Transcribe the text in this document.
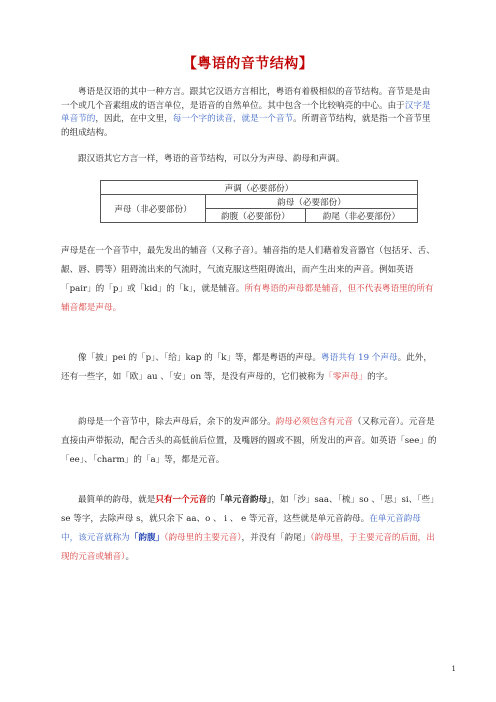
【粤语的音节结构】
粤语是汉语的其中一种方言。跟其它汉语方言相比，粤语有着极相似的音节结构。音节是是由一个或几个音素组成的语言单位，是语音的自然单位。其中包含一个比较响亮的中心。由于汉字是单音节的，因此，在中文里，每一个字的读音，就是一个音节。所谓音节结构，就是指一个音节里的组成结构。
跟汉语其它方言一样，粤语的音节结构，可以分为声母、韵母和声调。
声调（必要部份）		
声母（非必要部份）	韵母（必要部份）	
	韵腹（必要部份）	韵尾（非必要部份）
声母是在一个音节中，最先发出的辅音（又称子音）。辅音指的是人们藉着发音器官（包括牙、舌、龈、唇、腭等）阻碍流出来的气流时，气流克服这些阻碍流出，而产生出来的声音。例如英语「pair」的「p」或「kid」的「k」，就是辅音。所有粤语的声母都是辅音，但不代表粤语里的所有辅音都是声母。
像「披」pei 的「p」、「给」kap 的「k」等，都是粤语的声母。粤语共有 19 个声母。此外，还有一些字，如「欧」au 、「安」on 等，是没有声母的，它们被称为「零声母」的字。
韵母是一个音节中，除去声母后，余下的发声部分。韵母必须包含有元音（又称元音）。元音是直接由声带振动，配合舌头的高低前后位置，及嘴唇的圆或不圆，所发出的声音。如英语「see」的「ee」、「charm」的「a」等，都是元音。
最简单的韵母，就是只有一个元音的「单元音韵母」，如「沙」saa、「梳」so 、「思」si、「些」se 等字，去除声母 s，就只余下 aa、o 、 i 、 e 等元音，这些就是单元音韵母。在单元音韵母中，该元音就称为「韵腹」（韵母里的主要元音），并没有「韵尾」（韵母里，于主要元音的后面，出现的元音或辅音）。
1
